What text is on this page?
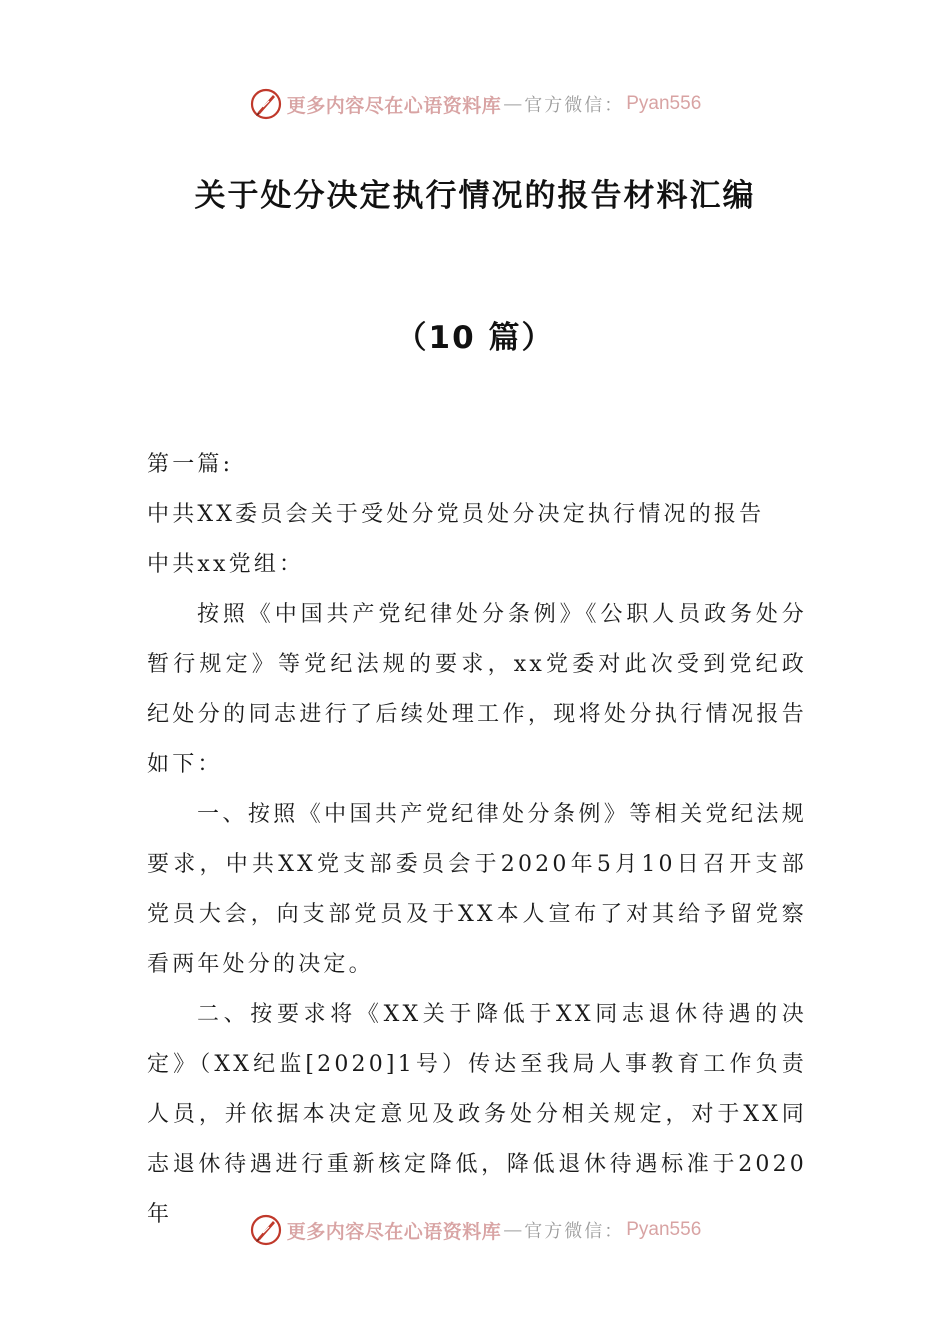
更多内容尽在心语资料库 — 官方微信： Pyan556
关于处分决定执行情况的报告材料汇编
（10 篇）

第一篇:

中共XX委员会关于受处分党员处分决定执行情况的报告

中共xx党组：

按照《中国共产党纪律处分条例》《公职人员政务处分暂行规定》等党纪法规的要求，xx党委对此次受到党纪政纪处分的同志进行了后续处理工作，现将处分执行情况报告如下：

一、按照《中国共产党纪律处分条例》等相关党纪法规要求，中共XX党支部委员会于2020年5月10日召开支部党员大会，向支部党员及于XX本人宣布了对其给予留党察看两年处分的决定。

二、按要求将《XX关于降低于XX同志退休待遇的决定》（XX纪监[2020]1号）传达至我局人事教育工作负责人员，并依据本决定意见及政务处分相关规定，对于XX同志退休待遇进行重新核定降低，降低退休待遇标准于2020年

更多内容尽在心语资料库 — 官方微信： Pyan556
